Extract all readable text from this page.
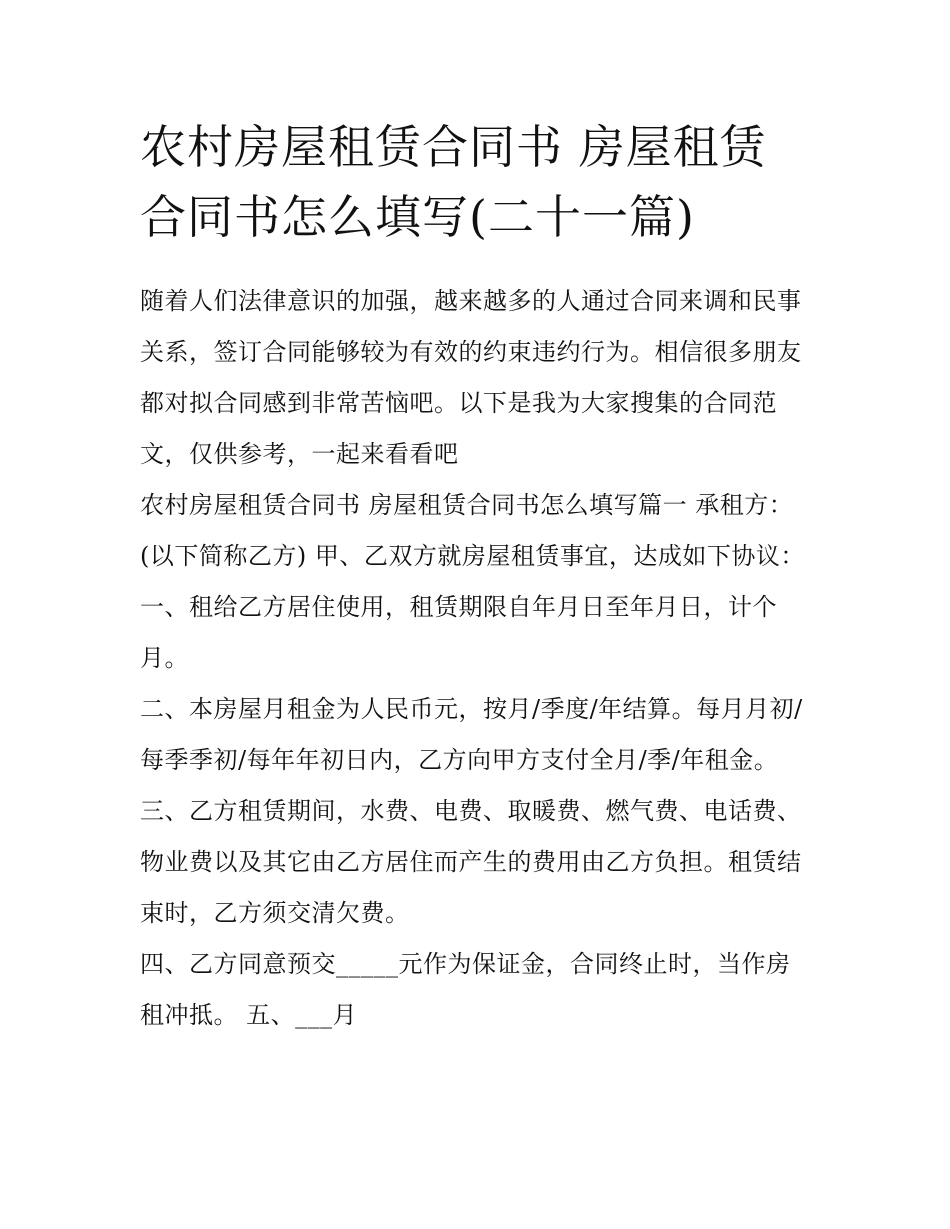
农村房屋租赁合同书 房屋租赁合同书怎么填写(二十一篇)

随着人们法律意识的加强，越来越多的人通过合同来调和民事关系，签订合同能够较为有效的约束违约行为。相信很多朋友都对拟合同感到非常苦恼吧。以下是我为大家搜集的合同范文，仅供参考，一起来看看吧

农村房屋租赁合同书 房屋租赁合同书怎么填写篇一 承租方：(以下简称乙方) 甲、乙双方就房屋租赁事宜，达成如下协议：

一、租给乙方居住使用，租赁期限自年月日至年月日，计个月。

二、本房屋月租金为人民币元，按月/季度/年结算。每月月初/每季季初/每年年初日内，乙方向甲方支付全月/季/年租金。

三、乙方租赁期间，水费、电费、取暖费、燃气费、电话费、物业费以及其它由乙方居住而产生的费用由乙方负担。租赁结束时，乙方须交清欠费。

四、乙方同意预交_____元作为保证金，合同终止时，当作房租冲抵。 五、___月
